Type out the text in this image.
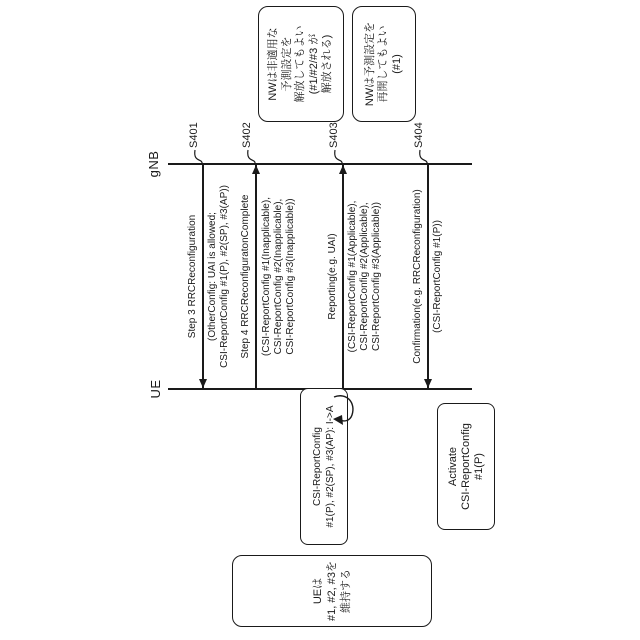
UE
gNB
Step 3 RRCReconfiguration (OtherConfig: UAI is allowed; CSI-ReportConfig #1(P), #2(SP), #3(AP))
S401
Step 4 RRCReconfiguratonComplete (CSI-ReportConfig #1(Inapplicable), CSI-ReportConfig #2(Inapplicable), CSI-ReportConfig #3(Inapplicable))
S402
Reporting(e.g. UAI) (CSI-ReportConfig #1(Applicable), CSI-ReportConfig #2(Applicable), CSI-ReportConfig #3(Applicable))
S403
Confirmation(e.g. RRCReconfiguration) (CSI-ReportConfig #1(P))
S404
NWは非適用な 予測設定を 解放してもよい (#1/#2/#3 が 解放される)	NWは予測設定を 再開してもよい (#1)
CSI-ReportConfig #1(P), #2(SP), #3(AP): I->A	Activate CSI-ReportConfig #1(P)
UEは #1, #2, #3を 維持する
